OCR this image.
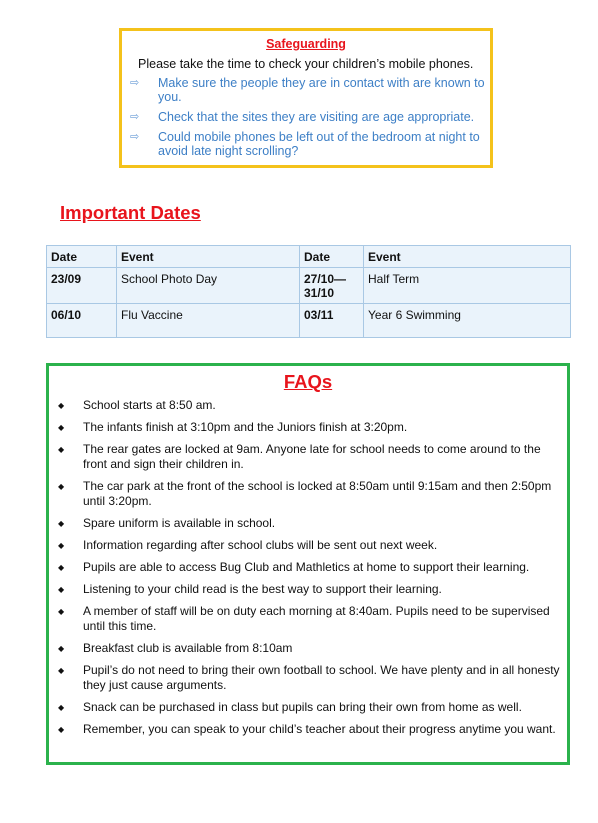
Safeguarding
Please take the time to check your children’s mobile phones.
⇨ Make sure the people they are in contact with are known to you.
⇨ Check that the sites they are visiting are age appropriate.
⇨ Could mobile phones be left out of the bedroom at night to avoid late night scrolling?
Important Dates
Date	Event	Date	Event
23/09	School Photo Day	27/10—31/10	Half Term
06/10	Flu Vaccine	03/11	Year 6 Swimming
FAQs
◆ School starts at 8:50 am.
◆ The infants finish at 3:10pm and the Juniors finish at 3:20pm.
◆ The rear gates are locked at 9am. Anyone late for school needs to come around to the front and sign their children in.
◆ The car park at the front of the school is locked at 8:50am until 9:15am and then 2:50pm until 3:20pm.
◆ Spare uniform is available in school.
◆ Information regarding after school clubs will be sent out next week.
◆ Pupils are able to access Bug Club and Mathletics at home to support their learning.
◆ Listening to your child read is the best way to support their learning.
◆ A member of staff will be on duty each morning at 8:40am. Pupils need to be supervised until this time.
◆ Breakfast club is available from 8:10am
◆ Pupil’s do not need to bring their own football to school. We have plenty and in all honesty they just cause arguments.
◆ Snack can be purchased in class but pupils can bring their own from home as well.
◆ Remember, you can speak to your child’s teacher about their progress anytime you want.
